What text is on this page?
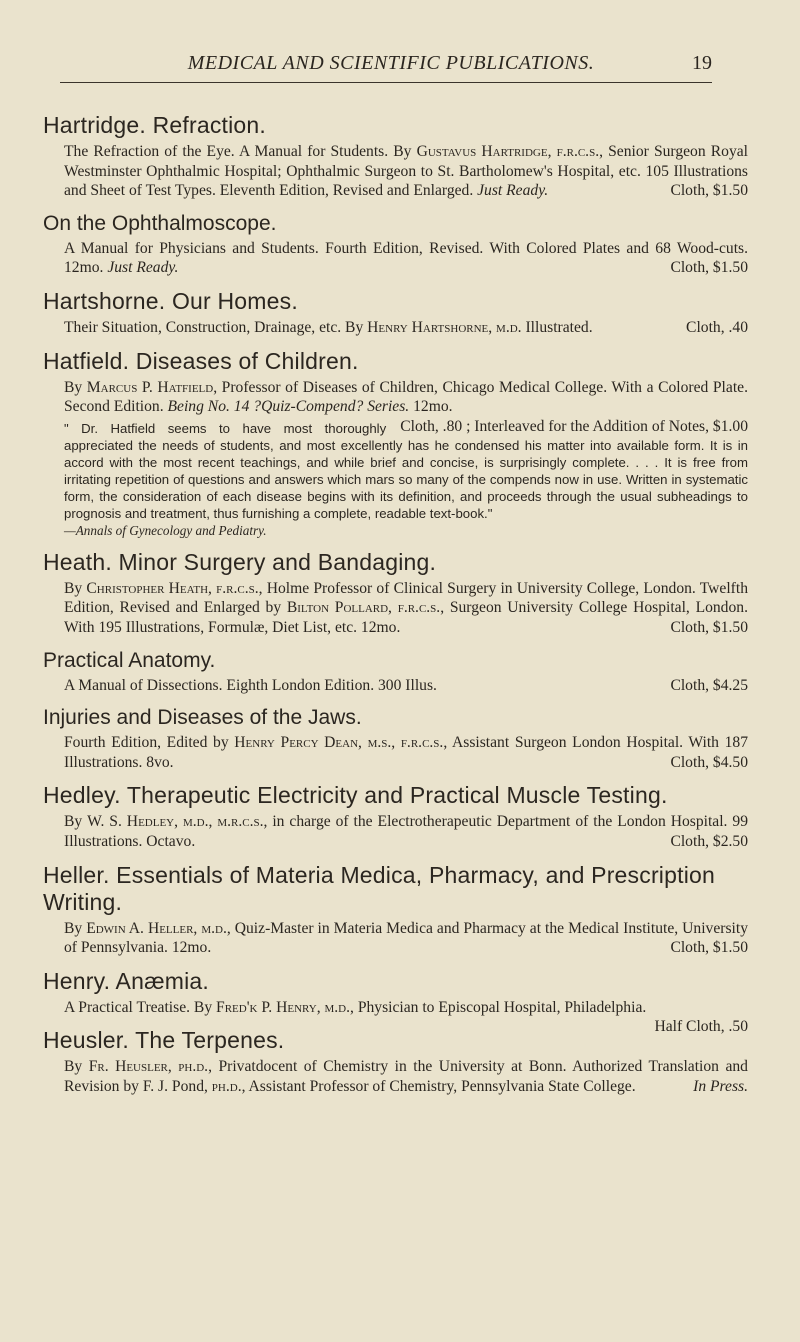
MEDICAL AND SCIENTIFIC PUBLICATIONS.	19
Hartridge. Refraction.
The Refraction of the Eye. A Manual for Students. By Gustavus Hartridge, f.r.c.s., Senior Surgeon Royal Westminster Ophthalmic Hospital; Ophthalmic Surgeon to St. Bartholomew's Hospital, etc. 105 Illustrations and Sheet of Test Types. Eleventh Edition, Revised and Enlarged. Just Ready.	Cloth, $1.50
On the Ophthalmoscope.
A Manual for Physicians and Students. Fourth Edition, Revised. With Colored Plates and 68 Wood-cuts. 12mo. Just Ready.	Cloth, $1.50
Hartshorne. Our Homes.
Their Situation, Construction, Drainage, etc. By Henry Hartshorne, m.d. Illustrated.	Cloth, .40
Hatfield. Diseases of Children.
By Marcus P. Hatfield, Professor of Diseases of Children, Chicago Medical College. With a Colored Plate. Second Edition. Being No. 14 ?Quiz-Compend? Series. 12mo.
Cloth, .80 ; Interleaved for the Addition of Notes, $1.00
" Dr. Hatfield seems to have most thoroughly appreciated the needs of students, and most excellently has he condensed his matter into available form. It is in accord with the most recent teachings, and while brief and concise, is surprisingly complete. . . . It is free from irritating repetition of questions and answers which mars so many of the compends now in use. Written in systematic form, the consideration of each disease begins with its definition, and proceeds through the usual subheadings to prognosis and treatment, thus furnishing a complete, readable text-book."
—Annals of Gynecology and Pediatry.
Heath. Minor Surgery and Bandaging.
By Christopher Heath, f.r.c.s., Holme Professor of Clinical Surgery in University College, London. Twelfth Edition, Revised and Enlarged by Bilton Pollard, f.r.c.s., Surgeon University College Hospital, London. With 195 Illustrations, Formulæ, Diet List, etc. 12mo.	Cloth, $1.50
Practical Anatomy.
A Manual of Dissections. Eighth London Edition. 300 Illus.	Cloth, $4.25
Injuries and Diseases of the Jaws.
Fourth Edition, Edited by Henry Percy Dean, m.s., f.r.c.s., Assistant Surgeon London Hospital. With 187 Illustrations. 8vo.	Cloth, $4.50
Hedley. Therapeutic Electricity and Practical Muscle Testing.
By W. S. Hedley, m.d., m.r.c.s., in charge of the Electrotherapeutic Department of the London Hospital. 99 Illustrations. Octavo.	Cloth, $2.50
Heller. Essentials of Materia Medica, Pharmacy, and Prescription Writing.
By Edwin A. Heller, m.d., Quiz-Master in Materia Medica and Pharmacy at the Medical Institute, University of Pennsylvania. 12mo.	Cloth, $1.50
Henry. Anæmia.
A Practical Treatise. By Fred'k P. Henry, m.d., Physician to Episcopal Hospital, Philadelphia.
Half Cloth, .50
Heusler. The Terpenes.
By Fr. Heusler, ph.d., Privatdocent of Chemistry in the University at Bonn. Authorized Translation and Revision by F. J. Pond, ph.d., Assistant Professor of Chemistry, Pennsylvania State College.	In Press.
